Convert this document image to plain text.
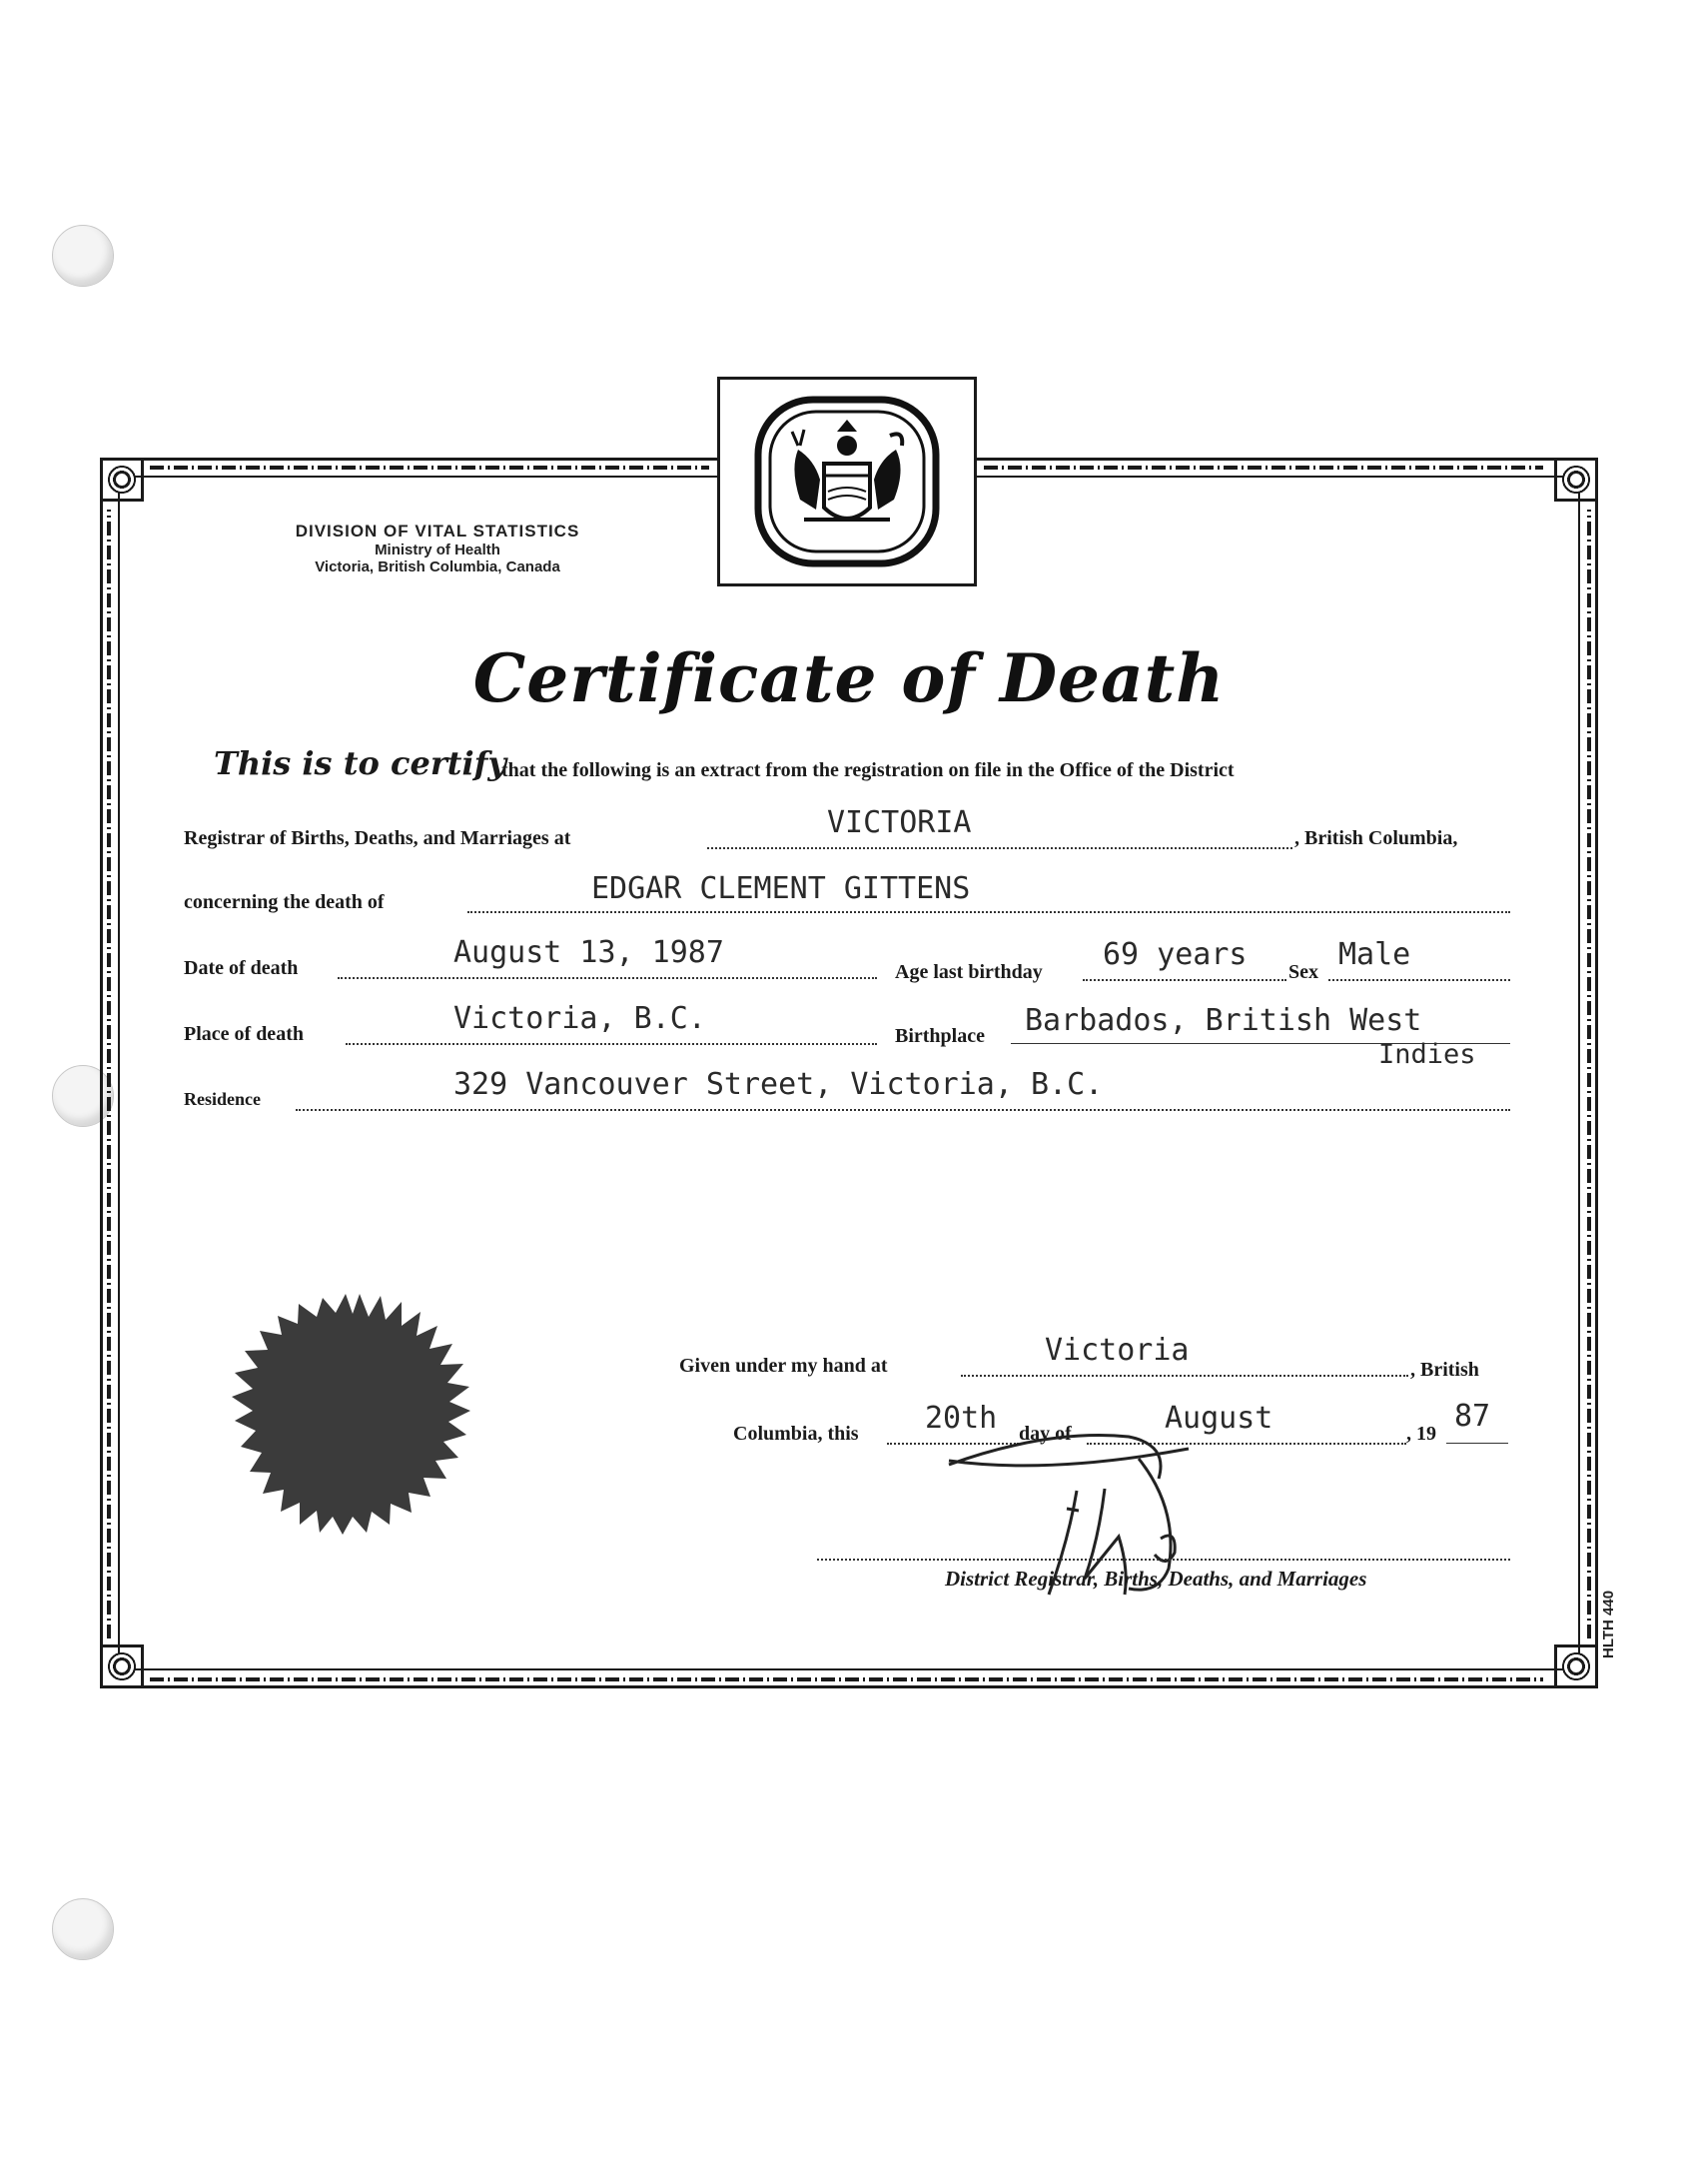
DIVISION OF VITAL STATISTICS
Ministry of Health
Victoria, British Columbia, Canada
Certificate of Death
This is to certify
that the following is an extract from the registration on file in the Office of the District
Registrar of Births, Deaths, and Marriages at	VICTORIA	, British Columbia,
concerning the death of	EDGAR CLEMENT GITTENS
Date of death	August 13, 1987
Age last birthday 69 years Sex Male
Place of death	Victoria, B.C.	Birthplace Barbados, British West
Indies
Residence	329 Vancouver Street, Victoria, B.C.
Given under my hand at	Victoria
, British
Columbia, this 20th day of	August	, 19 87
District Registrar, Births, Deaths, and Marriages
HLTH 440
